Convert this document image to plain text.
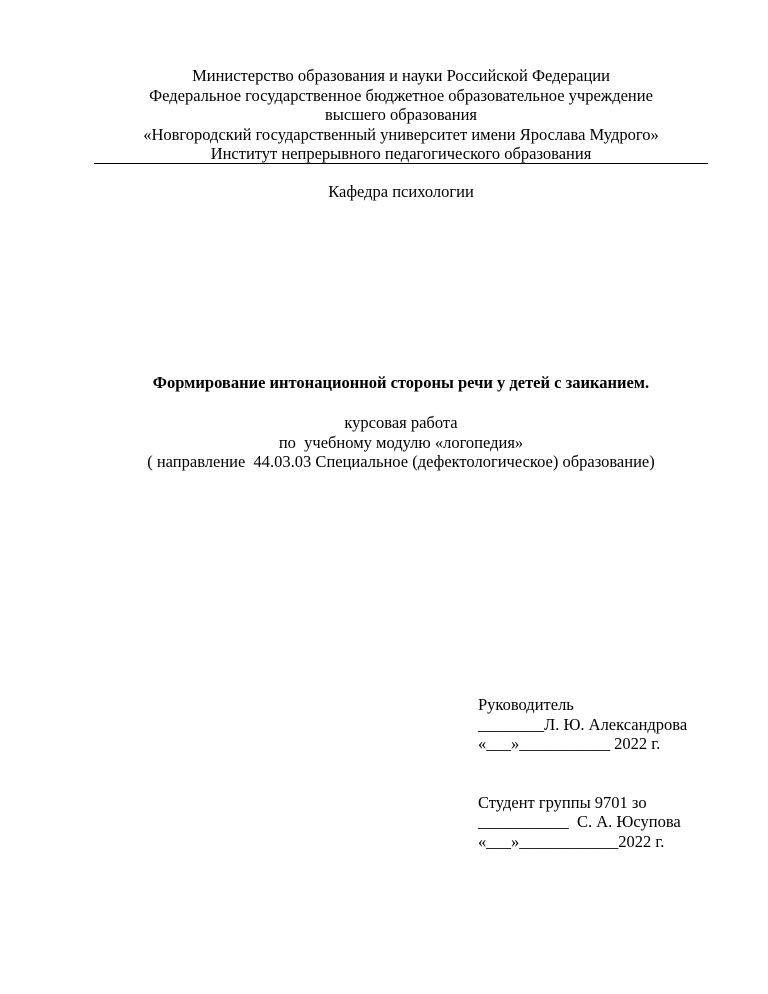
Министерство образования и науки Российской Федерации
Федеральное государственное бюджетное образовательное учреждение
высшего образования
«Новгородский государственный университет имени Ярослава Мудрого»
Институт непрерывного педагогического образования
Кафедра психологии
Формирование интонационной стороны речи у детей с заиканием.
курсовая работа
по  учебному модулю «логопедия»
( направление  44.03.03 Специальное (дефектологическое) образование)
Руководитель
________Л. Ю. Александрова
«___»___________ 2022 г.
Студент группы 9701 зо
___________  С. А. Юсупова
«___»____________2022 г.
